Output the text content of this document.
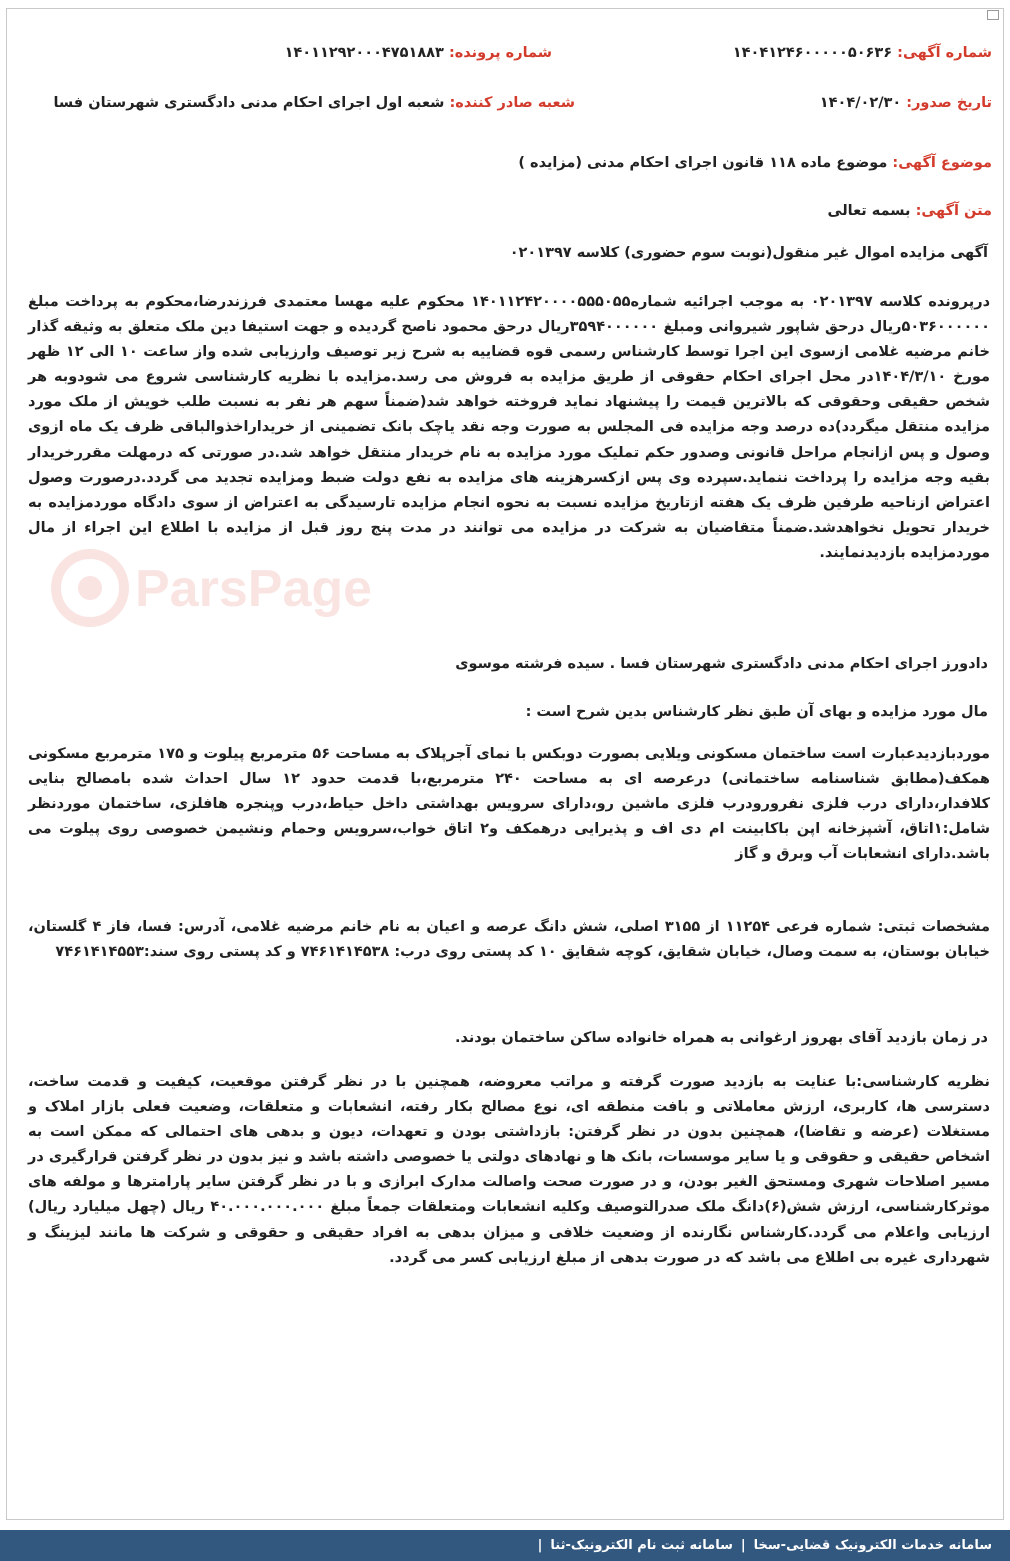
شماره آگهی: ۱۴۰۴۱۲۴۶۰۰۰۰۰۵۰۶۳۶
شماره پرونده: ۱۴۰۱۱۲۹۲۰۰۰۴۷۵۱۸۸۳
تاریخ صدور: ۱۴۰۴/۰۲/۳۰
شعبه صادر کننده: شعبه اول اجرای احکام مدنی دادگستری شهرستان فسا
موضوع آگهی: موضوع ماده ۱۱۸ قانون اجرای احکام مدنی (مزایده )
متن آگهی: بسمه تعالی
آگهی مزایده اموال غیر منقول(نوبت سوم حضوری) کلاسه ۰۲۰۱۳۹۷
درپرونده کلاسه ۰۲۰۱۳۹۷ به موجب اجرائیه شماره۱۴۰۱۱۲۴۲۰۰۰۰۵۵۵۰۵۵ محکوم علیه مهسا معتمدی فرزندرضا،محکوم به پرداخت مبلغ ۵۰۳۶۰۰۰۰۰۰ریال درحق شاپور شیروانی ومبلغ ۳۵۹۴۰۰۰۰۰۰ریال درحق محمود ناصح گردیده و جهت استیفا دین ملک متعلق به وثیقه گذار خانم مرضیه غلامی ازسوی این اجرا توسط کارشناس رسمی قوه قضاییه به شرح زیر توصیف وارزیابی شده واز ساعت ۱۰ الی ۱۲ ظهر مورخ ۱۴۰۴/۳/۱۰در محل اجرای احکام حقوقی از طریق مزایده به فروش می رسد.مزایده با نظریه کارشناسی شروع می شودوبه هر شخص حقیقی وحقوقی که بالاترین قیمت را پیشنهاد نماید فروخته خواهد شد(ضمناً سهم هر نفر به نسبت طلب خویش از ملک مورد مزایده منتقل میگردد)ده درصد وجه مزایده فی المجلس به صورت وجه نقد یاچک بانک تضمینی از خریداراخذوالباقی ظرف یک ماه ازوی وصول و پس ازانجام مراحل قانونی وصدور حکم تملیک مورد مزایده به نام خریدار منتقل خواهد شد.در صورتی که درمهلت مقررخریدار بقیه وجه مزایده را پرداخت ننماید.سپرده وی پس ازکسرهزینه های مزایده به نفع دولت ضبط ومزایده تجدید می گردد.درصورت وصول اعتراض ازناحیه طرفین ظرف یک هفته ازتاریخ مزایده نسبت به نحوه انجام مزایده تارسیدگی به اعتراض از سوی دادگاه موردمزایده به خریدار تحویل نخواهدشد.ضمناً متقاضیان به شرکت در مزایده می توانند در مدت پنج روز قبل از مزایده با اطلاع این اجراء از مال موردمزایده بازدیدنمایند.
دادورز اجرای احکام مدنی دادگستری شهرستان فسا . سیده فرشته موسوی
مال مورد مزایده و بهای آن طبق نظر کارشناس بدین شرح است :
موردبازدیدعبارت است ساختمان مسکونی ویلایی بصورت دوبکس با نمای آجرپلاک به مساحت ۵۶ مترمربع پیلوت و ۱۷۵ مترمربع مسکونی همکف(مطابق شناسنامه ساختمانی) درعرصه ای به مساحت ۲۴۰ مترمربع،با قدمت حدود ۱۲ سال احداث شده بامصالح بنایی کلافدار،دارای درب فلزی نفرورودرب فلزی ماشین رو،دارای سرویس بهداشتی داخل حیاط،درب وپنجره هافلزی، ساختمان موردنظر شامل:۱اتاق، آشپزخانه اپن باکابینت ام دی اف و پذیرایی درهمکف و۲ اتاق خواب،سرویس وحمام ونشیمن خصوصی روی پیلوت می باشد.دارای انشعابات آب وبرق و گاز
مشخصات ثبتی: شماره فرعی ۱۱۲۵۴ از ۳۱۵۵ اصلی، شش دانگ عرصه و اعیان به نام خانم مرضیه غلامی، آدرس: فسا، فاز ۴ گلستان، خیابان بوستان، به سمت وصال، خیابان شقایق، کوچه شقایق ۱۰ کد پستی روی درب: ۷۴۶۱۴۱۴۵۳۸ و کد پستی روی سند:۷۴۶۱۴۱۴۵۵۳
در زمان بازدید آقای بهروز ارغوانی به همراه خانواده ساکن ساختمان بودند.
نظریه کارشناسی:با عنایت به بازدید صورت گرفته و مراتب معروضه، همچنین با در نظر گرفتن موقعیت، کیفیت و قدمت ساخت، دسترسی ها، کاربری، ارزش معاملاتی و بافت منطقه ای، نوع مصالح بکار رفته، انشعابات و متعلقات، وضعیت فعلی بازار املاک و مستغلات (عرضه و تقاضا)، همچنین بدون در نظر گرفتن: بازداشتی بودن و تعهدات، دیون و بدهی های احتمالی که ممکن است به اشخاص حقیقی و حقوقی و یا سایر موسسات، بانک ها و نهادهای دولتی یا خصوصی داشته باشد و نیز بدون در نظر گرفتن قرارگیری در مسیر اصلاحات شهری ومستحق الغیر بودن، و در صورت صحت واصالت مدارک ابرازی و با در نظر گرفتن سایر پارامترها و مولفه های موثرکارشناسی، ارزش شش(۶)دانگ ملک صدرالتوصیف وکلیه انشعابات ومتعلقات جمعاً مبلغ ۴۰.۰۰۰.۰۰۰.۰۰۰ ریال (چهل میلیارد ریال) ارزیابی واعلام می گردد.کارشناس نگارنده از وضعیت خلافی و میزان بدهی به افراد حقیقی و حقوقی و شرکت ها مانند لیزینگ و شهرداری غیره بی اطلاع می باشد که در صورت بدهی از مبلغ ارزیابی کسر می گردد.
سامانه خدمات الکترونیک قضایی-سخا
|
سامانه ثبت نام الکترونیک-ثنا
|
